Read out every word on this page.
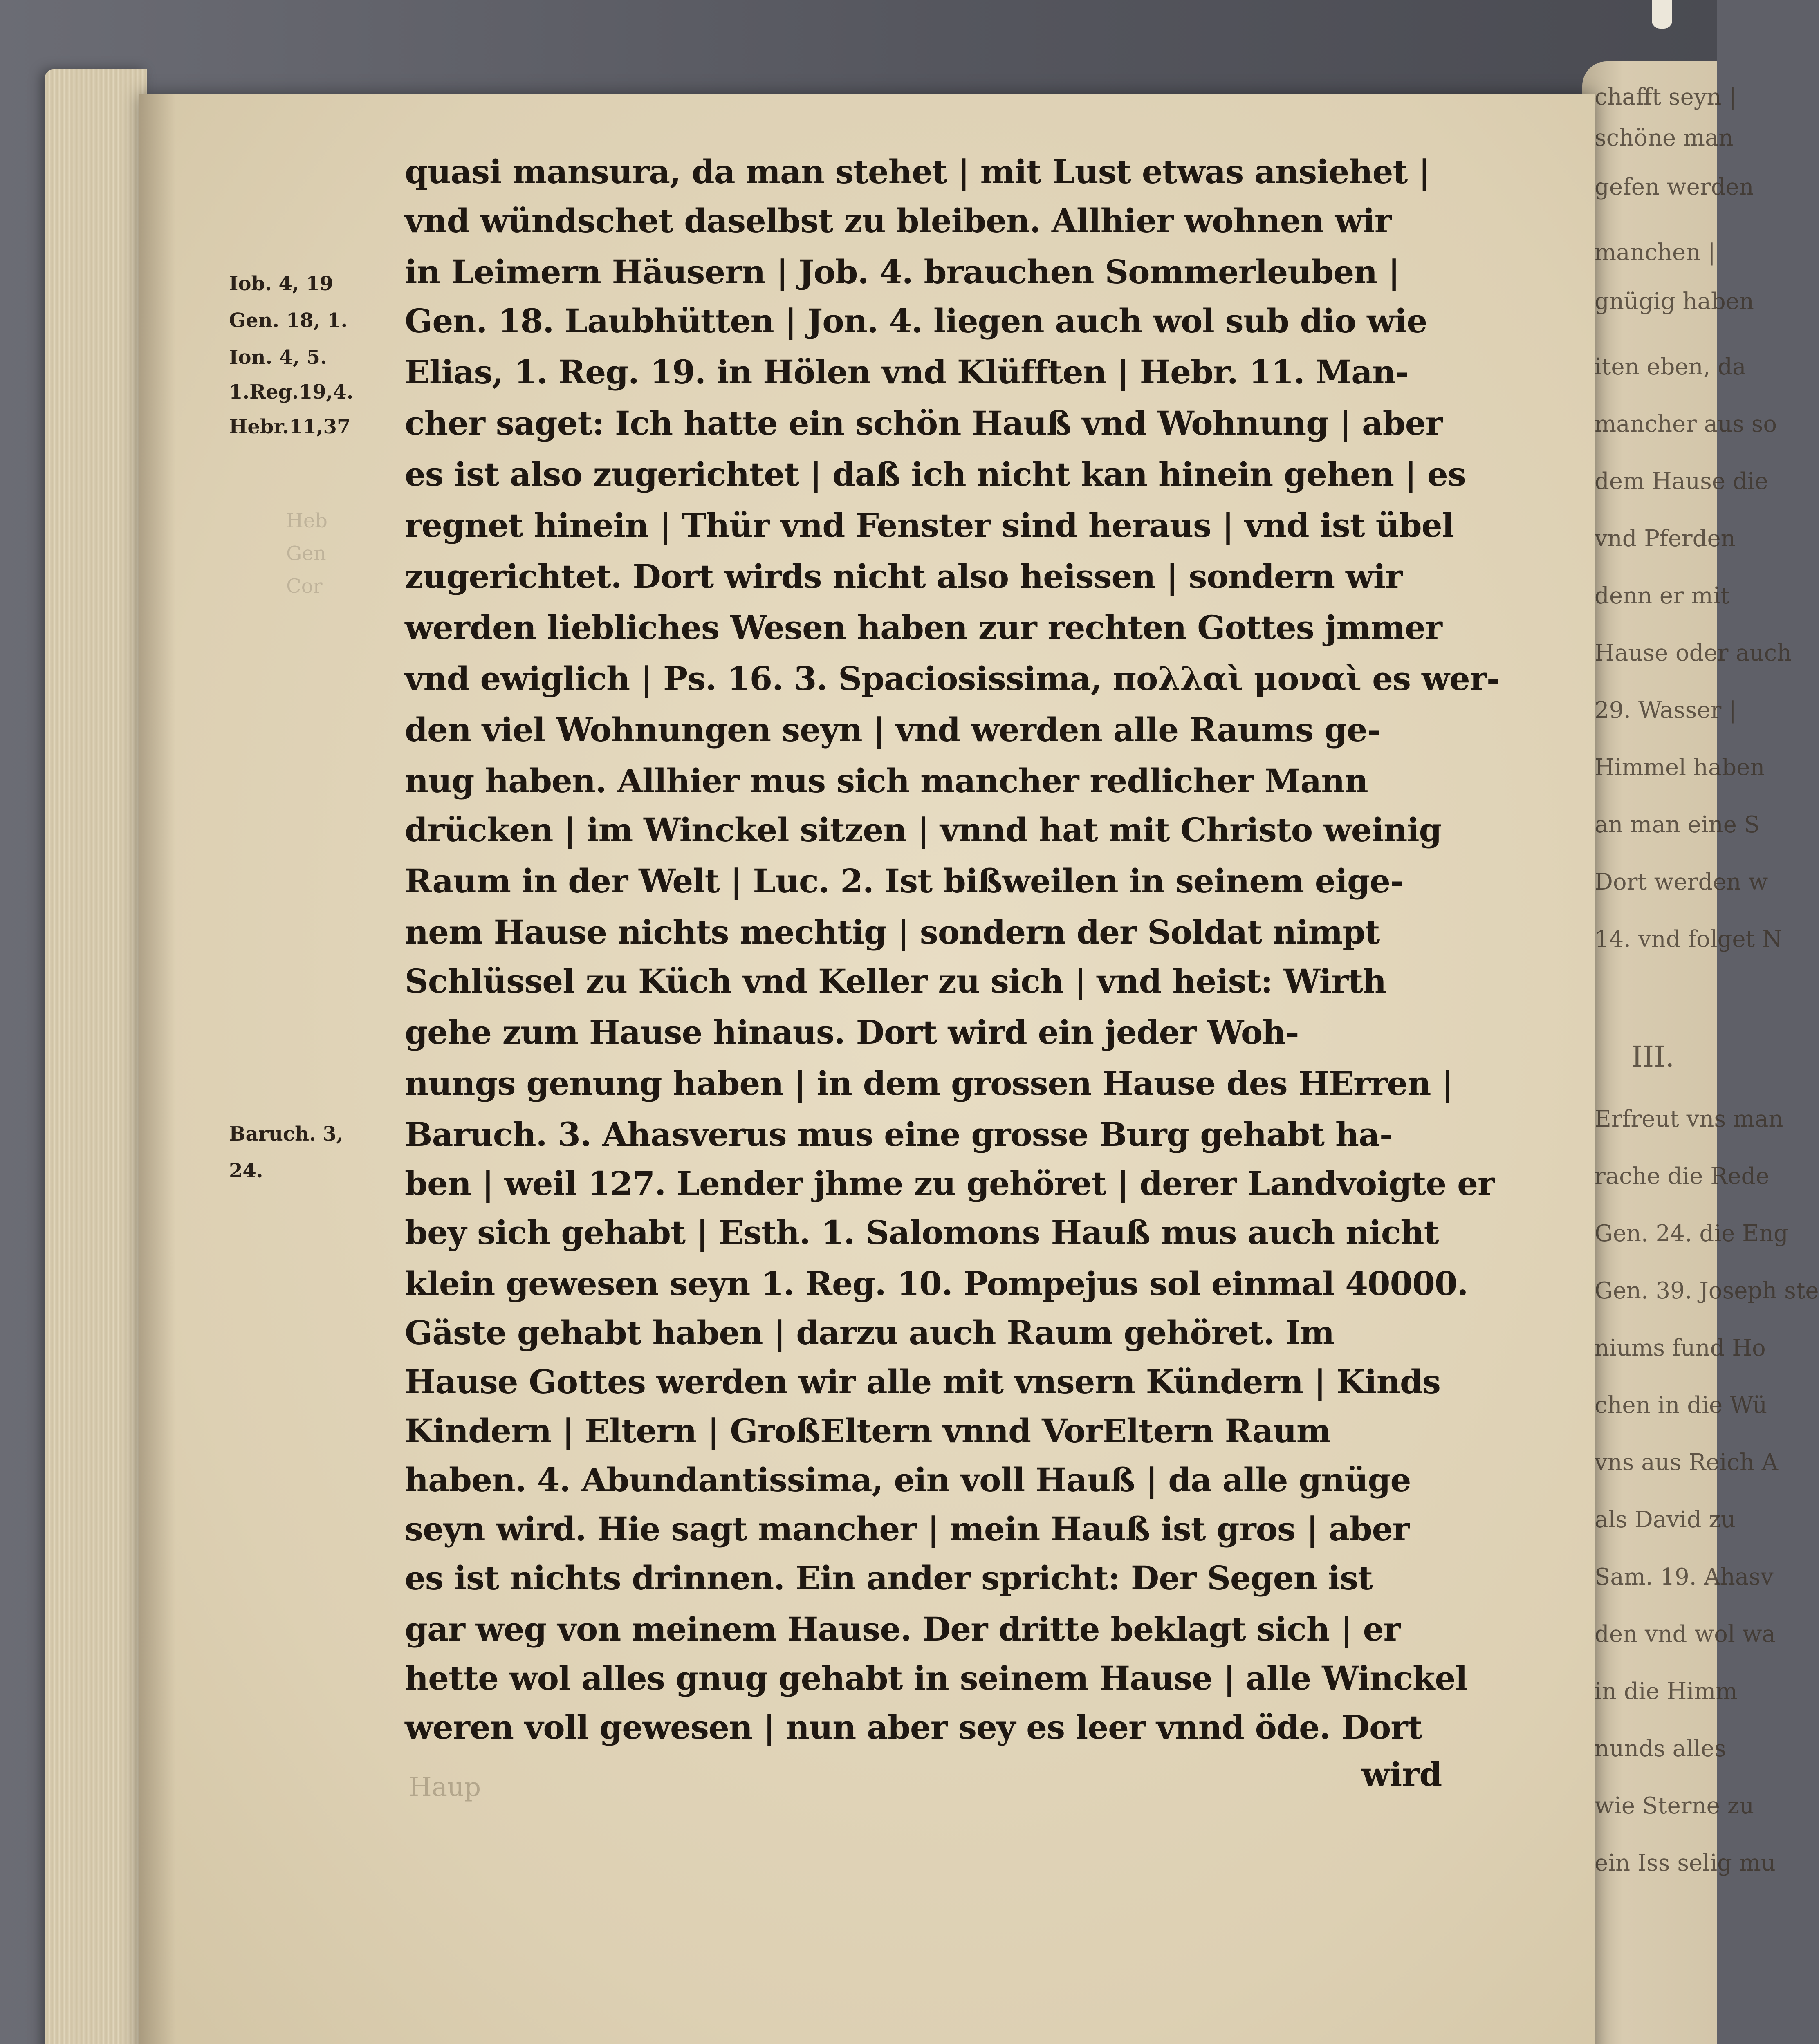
chafft seyn |
schöne man
gefen werden
manchen |
gnügig haben
iten eben, da
mancher aus so
dem Hause die
vnd Pferden
denn er mit
Hause oder auch
29. Wasser |
Himmel haben
an man eine S
Dort werden w
14. vnd folget N
III.
Erfreut vns man
rache die Rede
Gen. 24. die Eng
Gen. 39. Joseph ste
niums fund Ho
chen in die Wü
vns aus Reich A
als David zu
Sam. 19. Ahasv
den vnd wol wa
in die Himm
nunds alles
wie Sterne zu
ein Iss selig mu
Heb
Gen
Cor
Iob. 4, 19
Gen. 18, 1.
Ion. 4, 5.
1.Reg.19,4.
Hebr.11,37
Baruch. 3,
24.
quasi mansura, da man stehet | mit Lust etwas ansiehet |
vnd wündschet daselbst zu bleiben. Allhier wohnen wir
in Leimern Häusern | Job. 4. brauchen Sommerleuben |
Gen. 18. Laubhütten | Jon. 4. liegen auch wol sub dio wie
Elias, 1. Reg. 19. in Hölen vnd Klüfften | Hebr. 11. Man-
cher saget: Ich hatte ein schön Hauß vnd Wohnung | aber
es ist also zugerichtet | daß ich nicht kan hinein gehen | es
regnet hinein | Thür vnd Fenster sind heraus | vnd ist übel
zugerichtet. Dort wirds nicht also heissen | sondern wir
werden liebliches Wesen haben zur rechten Gottes jmmer
vnd ewiglich | Ps. 16. 3. Spaciosissima, πολλαὶ μοναὶ es wer-
den viel Wohnungen seyn | vnd werden alle Raums ge-
nug haben. Allhier mus sich mancher redlicher Mann
drücken | im Winckel sitzen | vnnd hat mit Christo weinig
Raum in der Welt | Luc. 2. Ist bißweilen in seinem eige-
nem Hause nichts mechtig | sondern der Soldat nimpt
Schlüssel zu Küch vnd Keller zu sich | vnd heist: Wirth
gehe zum Hause hinaus. Dort wird ein jeder Woh-
nungs genung haben | in dem grossen Hause des HErren |
Baruch. 3. Ahasverus mus eine grosse Burg gehabt ha-
ben | weil 127. Lender jhme zu gehöret | derer Landvoigte er
bey sich gehabt | Esth. 1. Salomons Hauß mus auch nicht
klein gewesen seyn 1. Reg. 10. Pompejus sol einmal 40000.
Gäste gehabt haben | darzu auch Raum gehöret. Im
Hause Gottes werden wir alle mit vnsern Kündern | Kinds
Kindern | Eltern | GroßEltern vnnd VorEltern Raum
haben. 4. Abundantissima, ein voll Hauß | da alle gnüge
seyn wird. Hie sagt mancher | mein Hauß ist gros | aber
es ist nichts drinnen. Ein ander spricht: Der Segen ist
gar weg von meinem Hause. Der dritte beklagt sich | er
hette wol alles gnug gehabt in seinem Hause | alle Winckel
weren voll gewesen | nun aber sey es leer vnnd öde. Dort
wird
Haup
